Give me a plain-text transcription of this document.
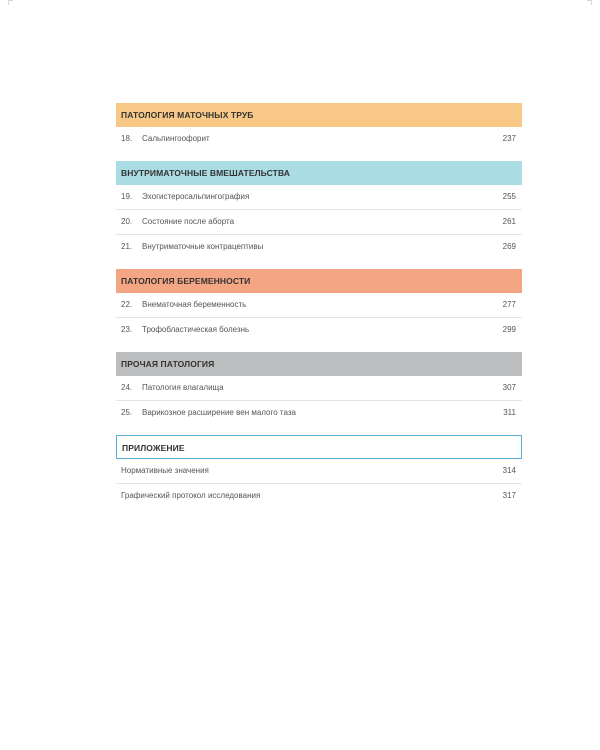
ПАТОЛОГИЯ МАТОЧНЫХ ТРУБ
18. Сальпингоофорит	237
ВНУТРИМАТОЧНЫЕ ВМЕШАТЕЛЬСТВА
19. Эхогистеросальпингография	255
20. Состояние после аборта	261
21. Внутриматочные контрацептивы	269
ПАТОЛОГИЯ БЕРЕМЕННОСТИ
22. Внематочная беременность	277
23. Трофобластическая болезнь	299
ПРОЧАЯ ПАТОЛОГИЯ
24. Патология влагалища	307
25. Варикозное расширение вен малого таза	311
ПРИЛОЖЕНИЕ
Нормативные значения	314
Графический протокол исследования	317
